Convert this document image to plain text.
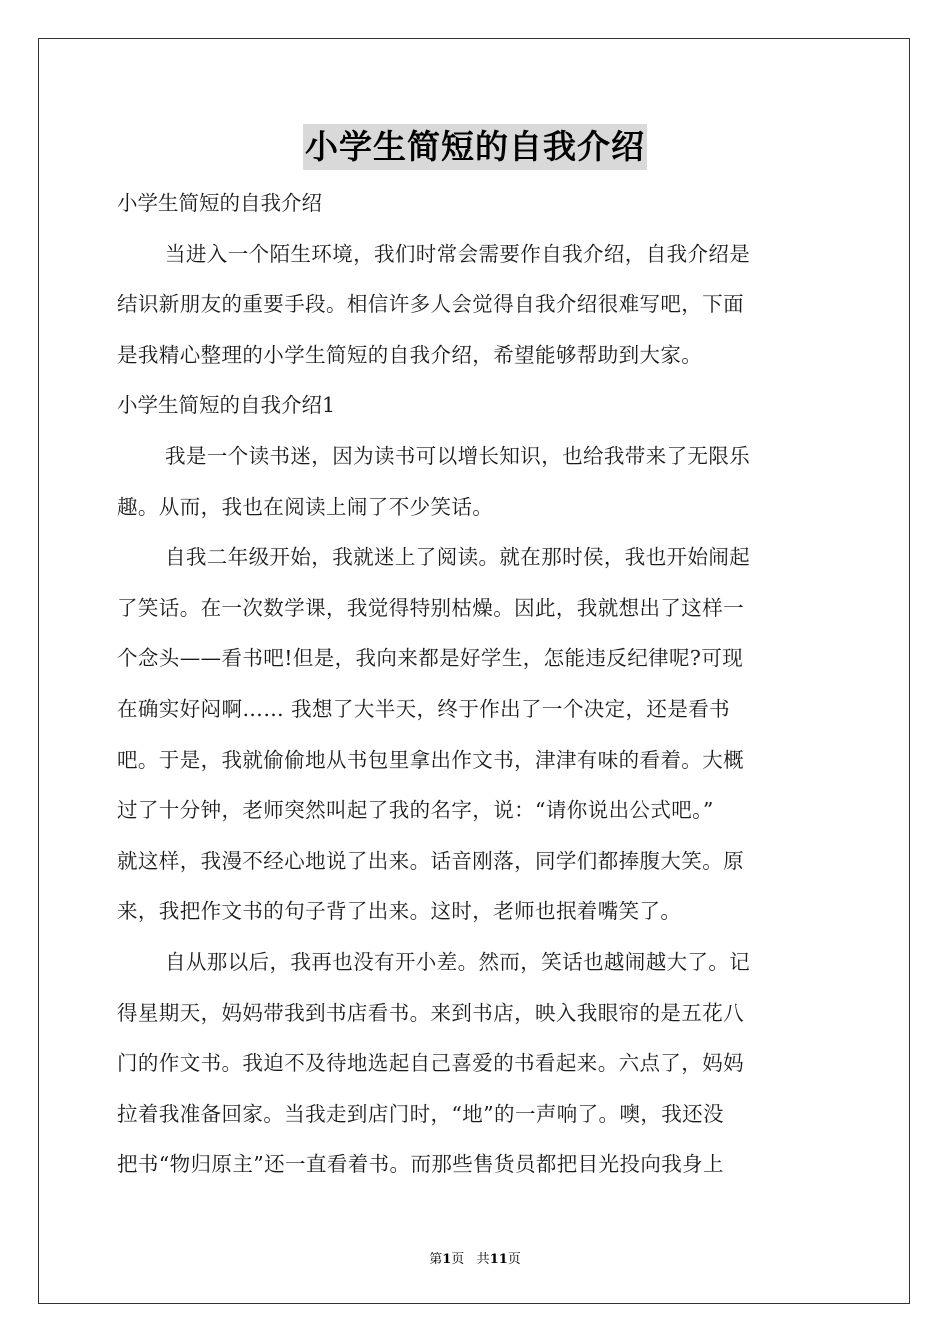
小学生简短的自我介绍
小学生简短的自我介绍
当进入一个陌生环境，我们时常会需要作自我介绍，自我介绍是
结识新朋友的重要手段。相信许多人会觉得自我介绍很难写吧，下面
是我精心整理的小学生简短的自我介绍，希望能够帮助到大家。
小学生简短的自我介绍1
我是一个读书迷，因为读书可以增长知识，也给我带来了无限乐
趣。从而，我也在阅读上闹了不少笑话。
自我二年级开始，我就迷上了阅读。就在那时侯，我也开始闹起
了笑话。在一次数学课，我觉得特别枯燥。因此，我就想出了这样一
个念头——看书吧!但是，我向来都是好学生，怎能违反纪律呢?可现
在确实好闷啊…… 我想了大半天，终于作出了一个决定，还是看书
吧。于是，我就偷偷地从书包里拿出作文书，津津有味的看着。大概
过了十分钟，老师突然叫起了我的名字，说：“请你说出公式吧。”
就这样，我漫不经心地说了出来。话音刚落，同学们都捧腹大笑。原
来，我把作文书的句子背了出来。这时，老师也抿着嘴笑了。
自从那以后，我再也没有开小差。然而，笑话也越闹越大了。记
得星期天，妈妈带我到书店看书。来到书店，映入我眼帘的是五花八
门的作文书。我迫不及待地选起自己喜爱的书看起来。六点了，妈妈
拉着我准备回家。当我走到店门时，“地”的一声响了。噢，我还没
把书“物归原主”还一直看着书。而那些售货员都把目光投向我身上
第1页 共11页
